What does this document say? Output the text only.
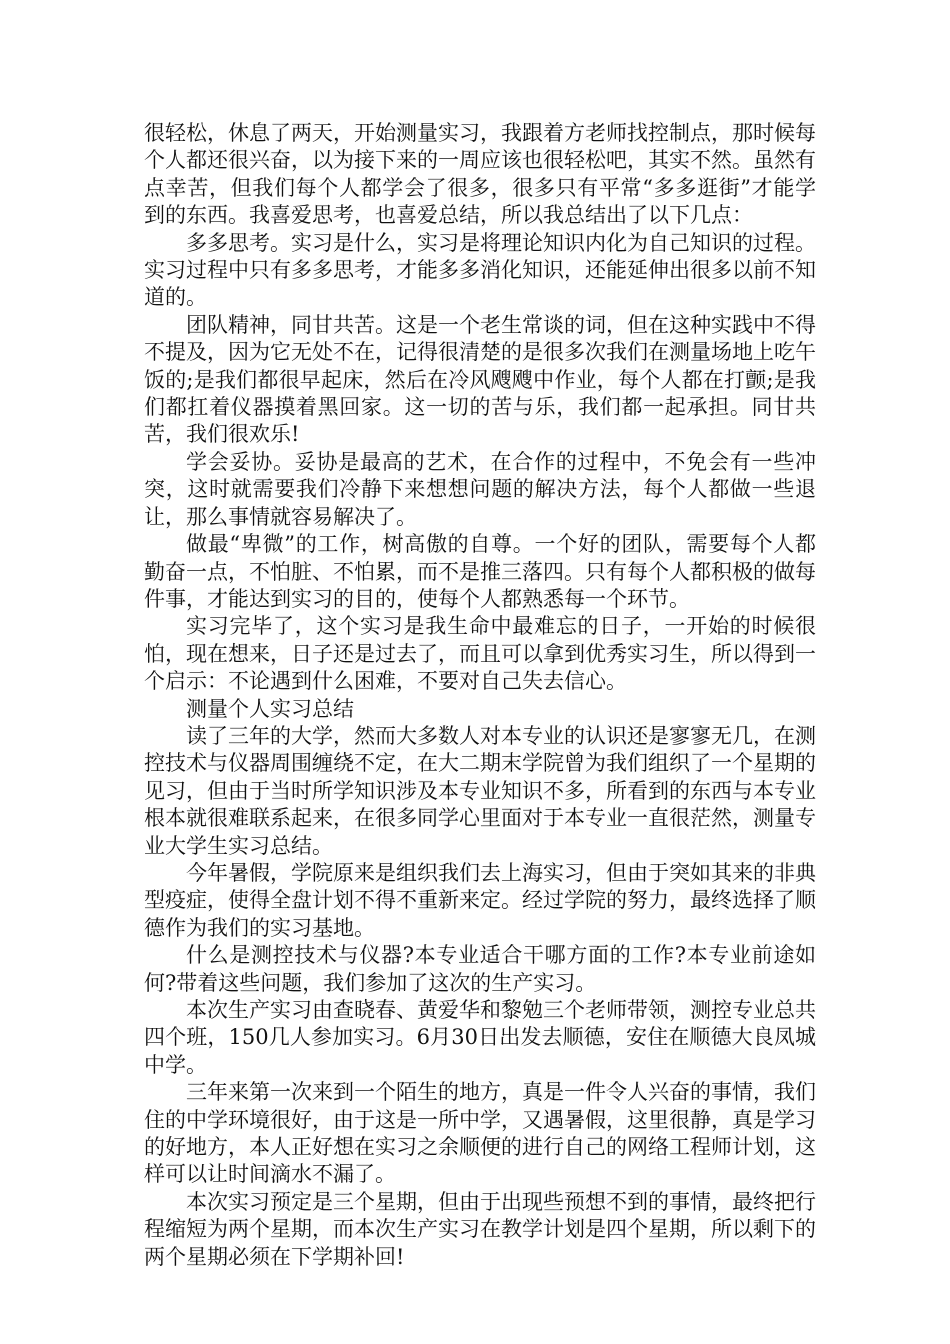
很轻松，休息了两天，开始测量实习，我跟着方老师找控制点，那时候每个人都还很兴奋，以为接下来的一周应该也很轻松吧，其实不然。虽然有点幸苦，但我们每个人都学会了很多，很多只有平常“多多逛街”才能学到的东西。我喜爱思考，也喜爱总结，所以我总结出了以下几点：

多多思考。实习是什么，实习是将理论知识内化为自己知识的过程。实习过程中只有多多思考，才能多多消化知识，还能延伸出很多以前不知道的。

团队精神，同甘共苦。这是一个老生常谈的词，但在这种实践中不得不提及，因为它无处不在，记得很清楚的是很多次我们在测量场地上吃午饭的;是我们都很早起床，然后在冷风飕飕中作业，每个人都在打颤;是我们都扛着仪器摸着黑回家。这一切的苦与乐，我们都一起承担。同甘共苦，我们很欢乐!

学会妥协。妥协是最高的艺术，在合作的过程中，不免会有一些冲突，这时就需要我们冷静下来想想问题的解决方法，每个人都做一些退让，那么事情就容易解决了。

做最“卑微”的工作，树高傲的自尊。一个好的团队，需要每个人都勤奋一点，不怕脏、不怕累，而不是推三落四。只有每个人都积极的做每件事，才能达到实习的目的，使每个人都熟悉每一个环节。

实习完毕了，这个实习是我生命中最难忘的日子，一开始的时候很怕，现在想来，日子还是过去了，而且可以拿到优秀实习生，所以得到一个启示：不论遇到什么困难，不要对自己失去信心。

测量个人实习总结

读了三年的大学，然而大多数人对本专业的认识还是寥寥无几，在测控技术与仪器周围缠绕不定，在大二期末学院曾为我们组织了一个星期的见习，但由于当时所学知识涉及本专业知识不多，所看到的东西与本专业根本就很难联系起来，在很多同学心里面对于本专业一直很茫然，测量专业大学生实习总结。

今年暑假，学院原来是组织我们去上海实习，但由于突如其来的非典型疫症，使得全盘计划不得不重新来定。经过学院的努力，最终选择了顺德作为我们的实习基地。

什么是测控技术与仪器?本专业适合干哪方面的工作?本专业前途如何?带着这些问题，我们参加了这次的生产实习。

本次生产实习由查晓春、黄爱华和黎勉三个老师带领，测控专业总共四个班，150几人参加实习。6月30日出发去顺德，安住在顺德大良凤城中学。

三年来第一次来到一个陌生的地方，真是一件令人兴奋的事情，我们住的中学环境很好，由于这是一所中学，又遇暑假，这里很静，真是学习的好地方，本人正好想在实习之余顺便的进行自己的网络工程师计划，这样可以让时间滴水不漏了。

本次实习预定是三个星期，但由于出现些预想不到的事情，最终把行程缩短为两个星期，而本次生产实习在教学计划是四个星期，所以剩下的两个星期必须在下学期补回!
